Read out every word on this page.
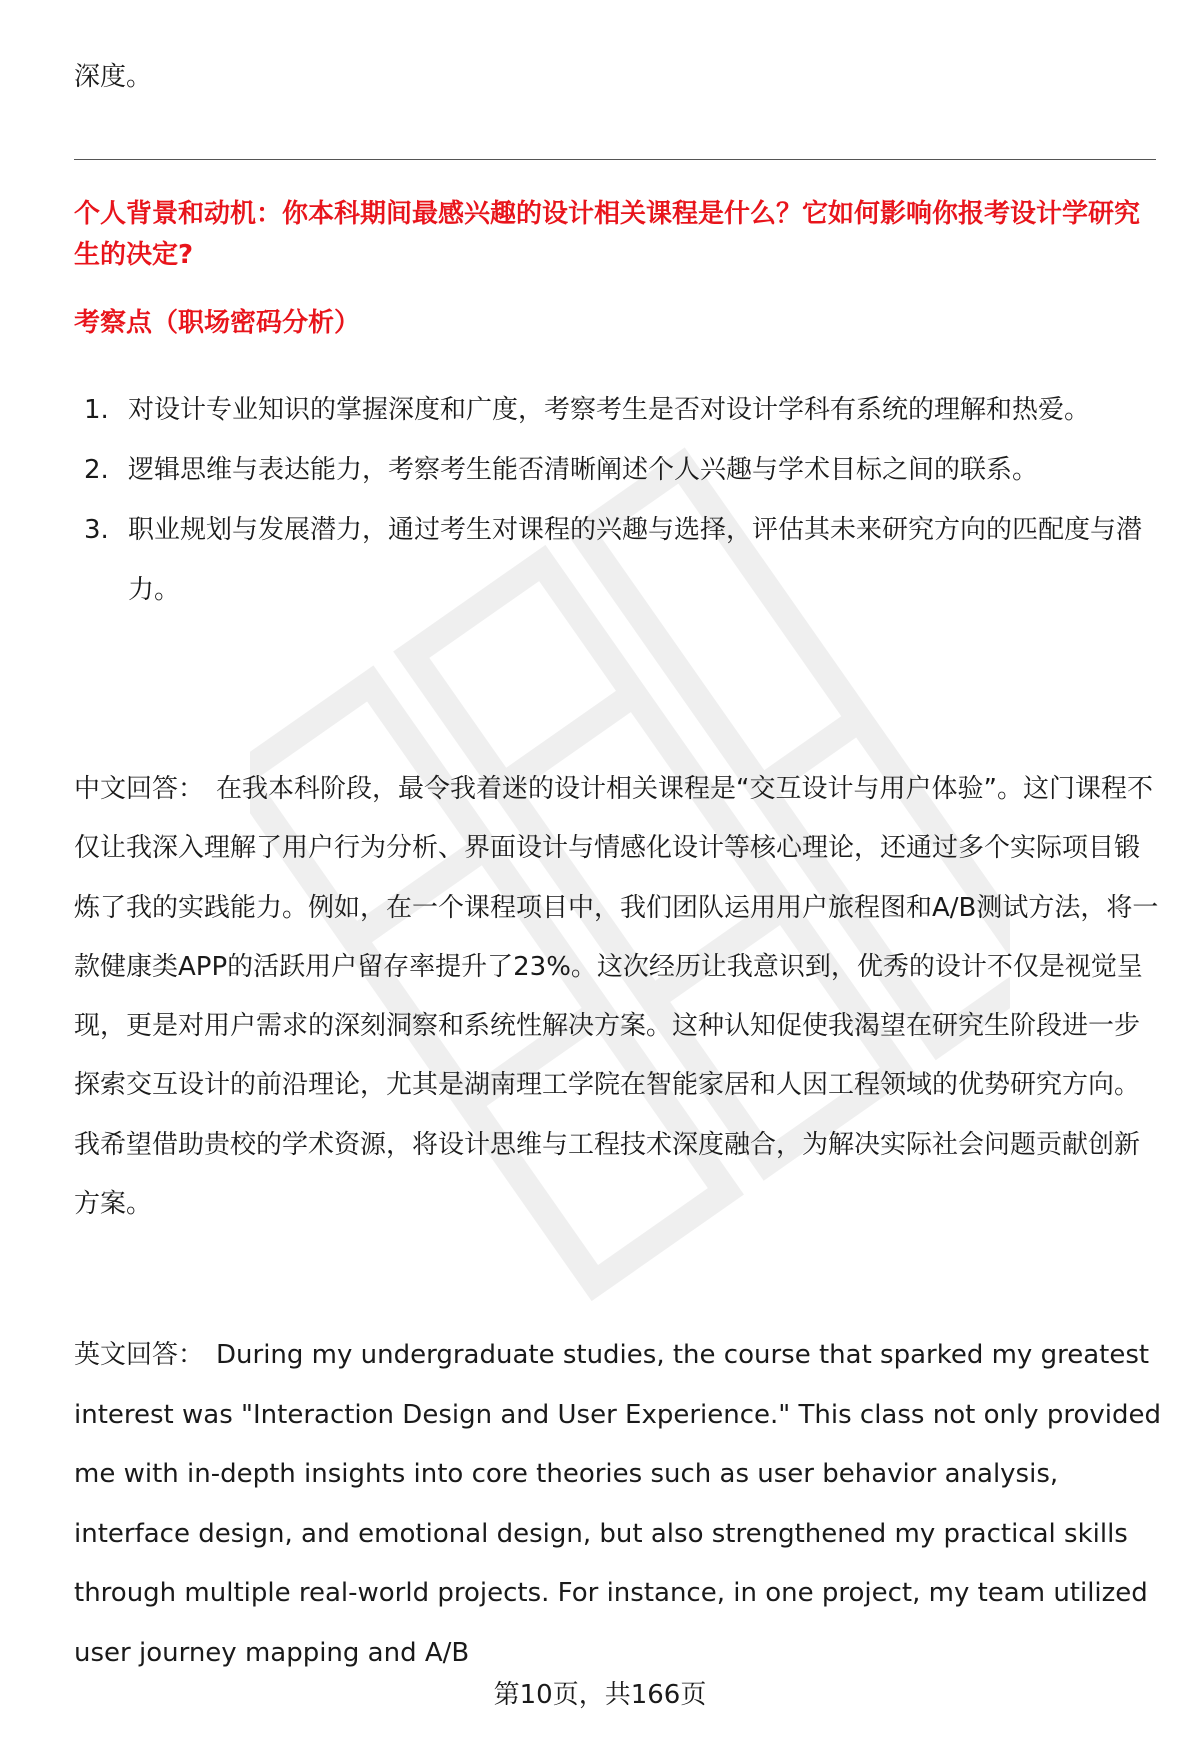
深度。
个人背景和动机：你本科期间最感兴趣的设计相关课程是什么？它如何影响你报考设计学研究生的决定?
考察点（职场密码分析）
1. 对设计专业知识的掌握深度和广度，考察考生是否对设计学科有系统的理解和热爱。
2. 逻辑思维与表达能力，考察考生能否清晰阐述个人兴趣与学术目标之间的联系。
3. 职业规划与发展潜力，通过考生对课程的兴趣与选择，评估其未来研究方向的匹配度与潜力。

中文回答： 在我本科阶段，最令我着迷的设计相关课程是“交互设计与用户体验”。这门课程不仅让我深入理解了用户行为分析、界面设计与情感化设计等核心理论，还通过多个实际项目锻炼了我的实践能力。例如，在一个课程项目中，我们团队运用用户旅程图和A/B测试方法，将一款健康类APP的活跃用户留存率提升了23%。这次经历让我意识到，优秀的设计不仅是视觉呈现，更是对用户需求的深刻洞察和系统性解决方案。这种认知促使我渴望在研究生阶段进一步探索交互设计的前沿理论，尤其是湖南理工学院在智能家居和人因工程领域的优势研究方向。我希望借助贵校的学术资源，将设计思维与工程技术深度融合，为解决实际社会问题贡献创新方案。

英文回答： During my undergraduate studies, the course that sparked my greatest interest was "Interaction Design and User Experience." This class not only provided me with in-depth insights into core theories such as user behavior analysis, interface design, and emotional design, but also strengthened my practical skills through multiple real-world projects. For instance, in one project, my team utilized user journey mapping and A/B

第10页，共166页
